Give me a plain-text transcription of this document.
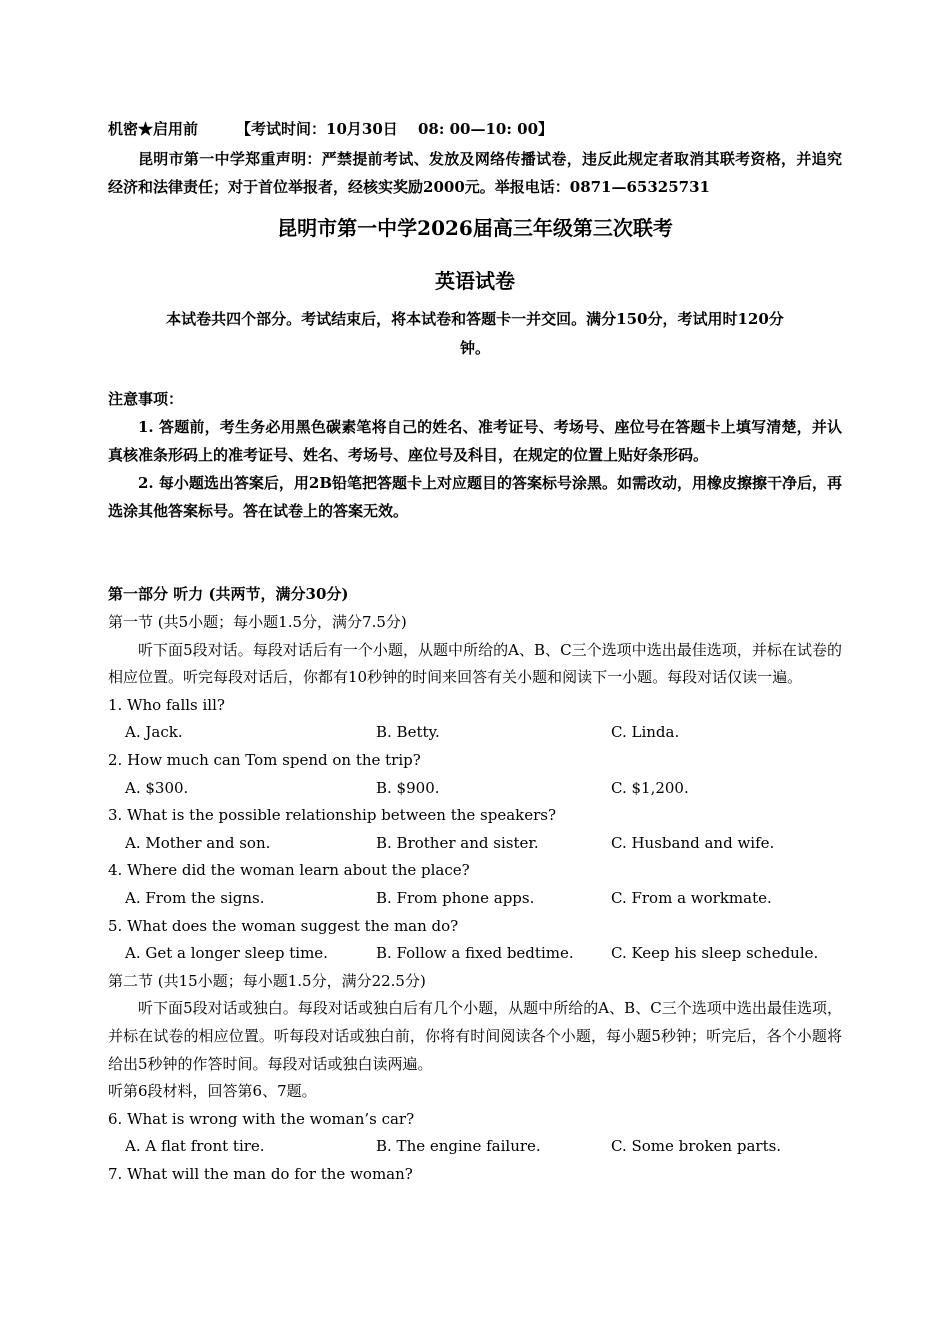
机密★启用前	【考试时间：10月30日　 08: 00—10: 00】

昆明市第一中学郑重声明：严禁提前考试、发放及网络传播试卷，违反此规定者取消其联考资格，并追究经济和法律责任；对于首位举报者，经核实奖励2000元。举报电话：0871—65325731

昆明市第一中学2026届高三年级第三次联考
英语试卷

本试卷共四个部分。考试结束后，将本试卷和答题卡一并交回。满分150分，考试用时120分

钟。

注意事项：

1. 答题前，考生务必用黑色碳素笔将自己的姓名、准考证号、考场号、座位号在答题卡上填写清楚，并认真核准条形码上的准考证号、姓名、考场号、座位号及科目，在规定的位置上贴好条形码。

2. 每小题选出答案后，用2B铅笔把答题卡上对应题目的答案标号涂黑。如需改动，用橡皮擦擦干净后，再选涂其他答案标号。答在试卷上的答案无效。

第一部分 听力 (共两节，满分30分)

第一节 (共5小题；每小题1.5分，满分7.5分)

听下面5段对话。每段对话后有一个小题，从题中所给的A、B、C三个选项中选出最佳选项，并标在试卷的相应位置。听完每段对话后，你都有10秒钟的时间来回答有关小题和阅读下一小题。每段对话仅读一遍。

1. Who falls ill?

A. Jack.	B. Betty.	C. Linda.

2. How much can Tom spend on the trip?

A. $300.	B. $900.	C. $1,200.

3. What is the possible relationship between the speakers?

A. Mother and son.	B. Brother and sister.	C. Husband and wife.

4. Where did the woman learn about the place?

A. From the signs.	B. From phone apps.	C. From a workmate.

5. What does the woman suggest the man do?

A. Get a longer sleep time.	B. Follow a fixed bedtime.	C. Keep his sleep schedule.

第二节 (共15小题；每小题1.5分，满分22.5分)

听下面5段对话或独白。每段对话或独白后有几个小题，从题中所给的A、B、C三个选项中选出最佳选项，并标在试卷的相应位置。听每段对话或独白前，你将有时间阅读各个小题，每小题5秒钟；听完后，各个小题将给出5秒钟的作答时间。每段对话或独白读两遍。

听第6段材料，回答第6、7题。

6. What is wrong with the woman’s car?

A. A flat front tire.	B. The engine failure.	C. Some broken parts.

7. What will the man do for the woman?
